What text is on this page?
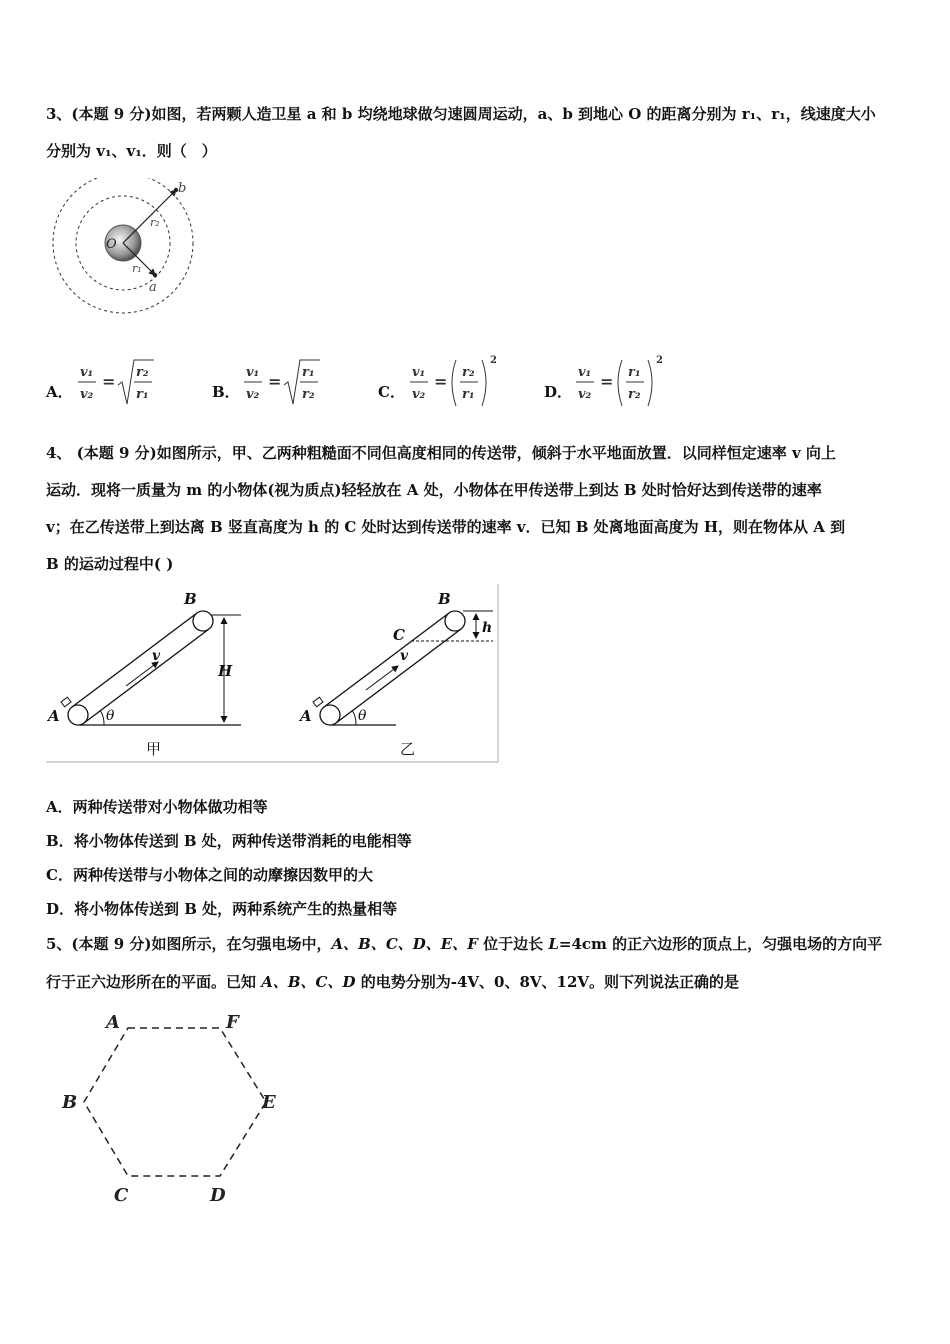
3、(本题 9 分)如图，若两颗人造卫星 a 和 b 均绕地球做匀速圆周运动，a、b 到地心 O 的距离分别为 r₁、r₁，线速度大小
分别为 v₁、v₁．则（　）
O
b
a
r₂
r₁
A．
v₁
v₂
= r₂
r₁	B．
v₁
v₂
= r₁
r₂	C．
v₁
v₂
= r₂
r₁
2
D．
v₁
v₂
= r₁
r₂
2
4、 (本题 9 分)如图所示，甲、乙两种粗糙面不同但高度相同的传送带，倾斜于水平地面放置．以同样恒定速率 v 向上
运动．现将一质量为 m 的小物体(视为质点)轻轻放在 A 处，小物体在甲传送带上到达 B 处时恰好达到传送带的速率
v；在乙传送带上到达离 B 竖直高度为 h 的 C 处时达到传送带的速率 v．已知 B 处离地面高度为 H，则在物体从 A 到
B 的运动过程中( )
A
B
H
v
θ
甲
A
B
C	h
v
θ
乙
A．两种传送带对小物体做功相等
B．将小物体传送到 B 处，两种传送带消耗的电能相等
C．两种传送带与小物体之间的动摩擦因数甲的大
D．将小物体传送到 B 处，两种系统产生的热量相等
5、(本题 9 分)如图所示，在匀强电场中，A、B、C、D、E、F 位于边长 L=4cm 的正六边形的顶点上，匀强电场的方向平
行于正六边形所在的平面。已知 A、B、C、D 的电势分别为-4V、0、8V、12V。则下列说法正确的是
A	F
B	E
C	D
